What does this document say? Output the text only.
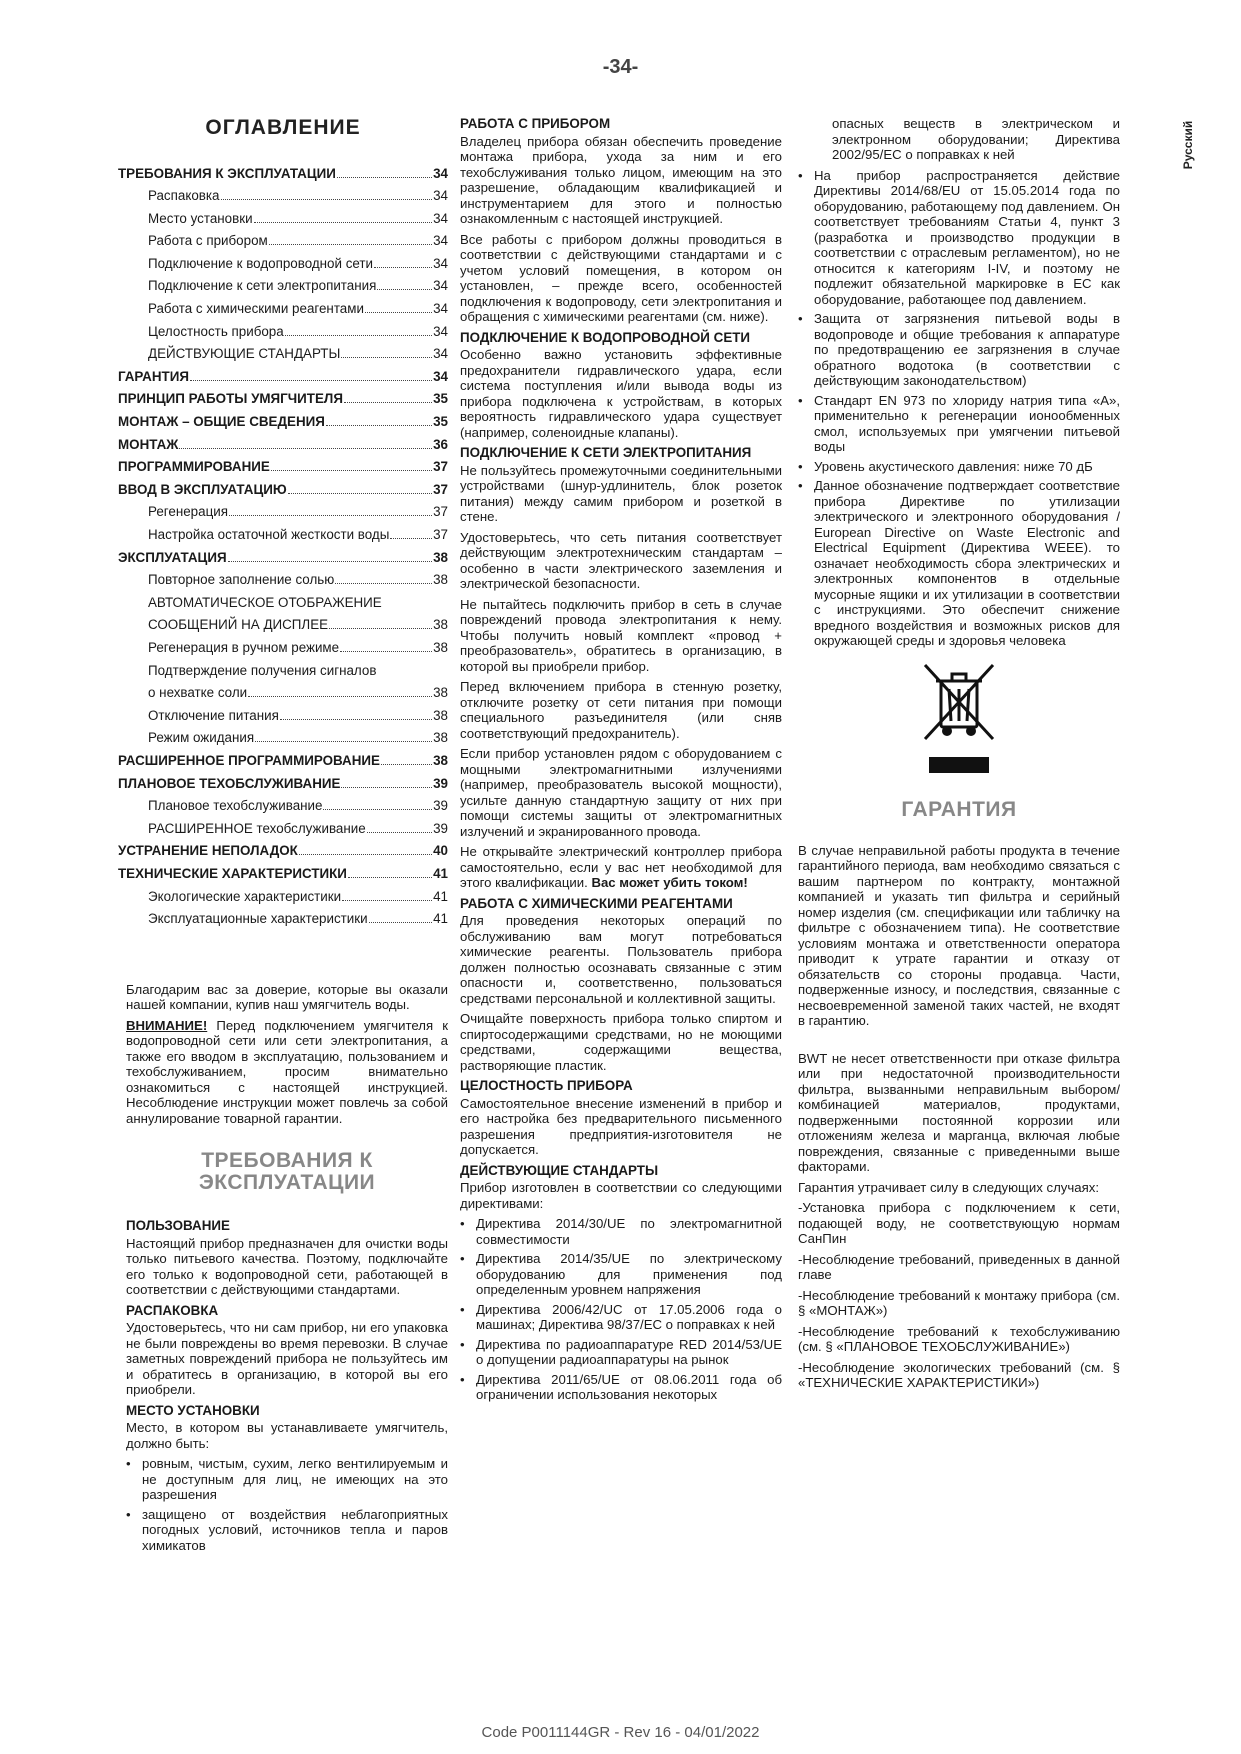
-34-
Русский
ОГЛАВЛЕНИЕ
ТРЕБОВАНИЯ К ЭКСПЛУАТАЦИИ	34
Распаковка	34
Место установки	34
Работа с прибором	34
Подключение к водопроводной сети	34
Подключение к сети электропитания	34
Работа с химическими реагентами	34
Целостность прибора	34
ДЕЙСТВУЮЩИЕ СТАНДАРТЫ	34
ГАРАНТИЯ	34
ПРИНЦИП РАБОТЫ УМЯГЧИТЕЛЯ	35
МОНТАЖ – ОБЩИЕ СВЕДЕНИЯ	35
МОНТАЖ	36
ПРОГРАММИРОВАНИЕ	37
ВВОД В ЭКСПЛУАТАЦИЮ	37
Регенерация	37
Настройка остаточной жесткости воды	37
ЭКСПЛУАТАЦИЯ	38
Повторное заполнение солью	38
АВТОМАТИЧЕСКОЕ ОТОБРАЖЕНИЕ
СООБЩЕНИЙ НА ДИСПЛЕЕ	38
Регенерация в ручном режиме	38
Подтверждение получения сигналов
о нехватке соли	38
Отключение питания	38
Режим ожидания	38
РАСШИРЕННОЕ ПРОГРАММИРОВАНИЕ	38
ПЛАНОВОЕ ТЕХОБСЛУЖИВАНИЕ	39
Плановое техобслуживание	39
РАСШИРЕННОЕ техобслуживание	39
УСТРАНЕНИЕ НЕПОЛАДОК	40
ТЕХНИЧЕСКИЕ ХАРАКТЕРИСТИКИ	41
Экологические характеристики	41
Эксплуатационные характеристики	41
Благодарим вас за доверие, которые вы оказали нашей компании, купив наш умягчитель воды.
ВНИМАНИЕ! Перед подключением умягчителя к водопроводной сети или сети электропитания, а также его вводом в эксплуатацию, пользованием и техобслуживанием, просим внимательно ознакомиться с настоящей инструкцией. Несоблюдение инструкции может повлечь за собой аннулирование товарной гарантии.
ТРЕБОВАНИЯ К
ЭКСПЛУАТАЦИИ
ПОЛЬЗОВАНИЕ
Настоящий прибор предназначен для очистки воды только питьевого качества. Поэтому, подключайте его только к водопроводной сети, работающей в соответствии с действующими стандартами.
РАСПАКОВКА
Удостоверьтесь, что ни сам прибор, ни его упаковка не были повреждены во время перевозки. В случае заметных повреждений прибора не пользуйтесь им и обратитесь в организацию, в которой вы его приобрели.
МЕСТО УСТАНОВКИ
Место, в котором вы устанавливаете умягчитель, должно быть:
• ровным, чистым, сухим, легко вентилируемым и не доступным для лиц, не имеющих на это разрешения
• защищено от воздействия неблагоприятных погодных условий, источников тепла и паров химикатов
РАБОТА С ПРИБОРОМ
Владелец прибора обязан обеспечить проведение монтажа прибора, ухода за ним и его техобслуживания только лицом, имеющим на это разрешение, обладающим квалификацией и инструментарием для этого и полностью ознакомленным с настоящей инструкцией.
Все работы с прибором должны проводиться в соответствии с действующими стандартами и с учетом условий помещения, в котором он установлен, – прежде всего, особенностей подключения к водопроводу, сети электропитания и обращения с химическими реагентами (см. ниже).
ПОДКЛЮЧЕНИЕ К ВОДОПРОВОДНОЙ СЕТИ
Особенно важно установить эффективные предохранители гидравлического удара, если система поступления и/или вывода воды из прибора подключена к устройствам, в которых вероятность гидравлического удара существует (например, соленоидные клапаны).
ПОДКЛЮЧЕНИЕ К СЕТИ ЭЛЕКТРОПИТАНИЯ
Не пользуйтесь промежуточными соединительными устройствами (шнур-удлинитель, блок розеток питания) между самим прибором и розеткой в стене.
Удостоверьтесь, что сеть питания соответствует действующим электротехническим стандартам – особенно в части электрического заземления и электрической безопасности.
Не пытайтесь подключить прибор в сеть в случае повреждений провода электропитания к нему. Чтобы получить новый комплект «провод + преобразователь», обратитесь в организацию, в которой вы приобрели прибор.
Перед включением прибора в стенную розетку, отключите розетку от сети питания при помощи специального разъединителя (или сняв соответствующий предохранитель).
Если прибор установлен рядом с оборудованием с мощными электромагнитными излучениями (например, преобразователь высокой мощности), усильте данную стандартную защиту от них при помощи системы защиты от электромагнитных излучений и экранированного провода.
Не открывайте электрический контроллер прибора самостоятельно, если у вас нет необходимой для этого квалификации. Вас может убить током!
РАБОТА С ХИМИЧЕСКИМИ РЕАГЕНТАМИ
Для проведения некоторых операций по обслуживанию вам могут потребоваться химические реагенты. Пользователь прибора должен полностью осознавать связанные с этим опасности и, соответственно, пользоваться средствами персональной и коллективной защиты.
Очищайте поверхность прибора только спиртом и спиртосодержащими средствами, но не моющими средствами, содержащими вещества, растворяющие пластик.
ЦЕЛОСТНОСТЬ ПРИБОРА
Самостоятельное внесение изменений в прибор и его настройка без предварительного письменного разрешения предприятия-изготовителя не допускается.
ДЕЙСТВУЮЩИЕ СТАНДАРТЫ
Прибор изготовлен в соответствии со следующими директивами:
• Директива 2014/30/UE по электромагнитной совместимости
• Директива 2014/35/UE по электрическому оборудованию для применения под определенным уровнем напряжения
• Директива 2006/42/UC от 17.05.2006 года о машинах; Директива 98/37/EC о поправках к ней
• Директива по радиоаппаратуре RED 2014/53/UE о допущении радиоаппаратуры на рынок
• Директива 2011/65/UE от 08.06.2011 года об ограничении использования некоторых
опасных веществ в электрическом и электронном оборудовании; Директива 2002/95/EC о поправках к ней
• На прибор распространяется действие Директивы 2014/68/EU от 15.05.2014 года по оборудованию, работающему под давлением. Он соответствует требованиям Статьи 4, пункт 3 (разработка и производство продукции в соответствии с отраслевым регламентом), но не относится к категориям I-IV, и поэтому не подлежит обязательной маркировке в ЕС как оборудование, работающее под давлением.
• Защита от загрязнения питьевой воды в водопроводе и общие требования к аппаратуре по предотвращению ее загрязнения в случае обратного водотока (в соответствии с действующим законодательством)
• Стандарт EN 973 по хлориду натрия типа «А», применительно к регенерации ионообменных смол, используемых при умягчении питьевой воды
• Уровень акустического давления: ниже 70 дБ
• Данное обозначение подтверждает соответствие прибора Директиве по утилизации электрического и электронного оборудования / European Directive on Waste Electronic and Electrical Equipment (Директива WEEE). то означает необходимость сбора электрических и электронных компонентов в отдельные мусорные ящики и их утилизации в соответствии с инструкциями. Это обеспечит снижение вредного воздействия и возможных рисков для окружающей среды и здоровья человека
ГАРАНТИЯ
В случае неправильной работы продукта в течение гарантийного периода, вам необходимо связаться с вашим партнером по контракту, монтажной компанией и указать тип фильтра и серийный номер изделия (см. спецификации или табличку на фильтре с обозначением типа). Не соответствие условиям монтажа и ответственности оператора приводит к утрате гарантии и отказу от обязательств со стороны продавца. Части, подверженные износу, и последствия, связанные с несвоевременной заменой таких частей, не входят в гарантию.
BWT не несет ответственности при отказе фильтра или при недостаточной производительности фильтра, вызванными неправильным выбором/комбинацией материалов, продуктами, подверженными постоянной коррозии или отложениям железа и марганца, включая любые повреждения, связанные с приведенными выше факторами.
Гарантия утрачивает силу в следующих случаях:
-Установка прибора с подключением к сети, подающей воду, не соответствующую нормам СанПин
-Несоблюдение требований, приведенных в данной главе
-Несоблюдение требований к монтажу прибора (см. § «МОНТАЖ»)
-Несоблюдение требований к техобслуживанию (см. § «ПЛАНОВОЕ ТЕХОБСЛУЖИВАНИЕ»)
-Несоблюдение экологических требований (см. § «ТЕХНИЧЕСКИЕ ХАРАКТЕРИСТИКИ»)
Code P0011144GR - Rev 16 - 04/01/2022
